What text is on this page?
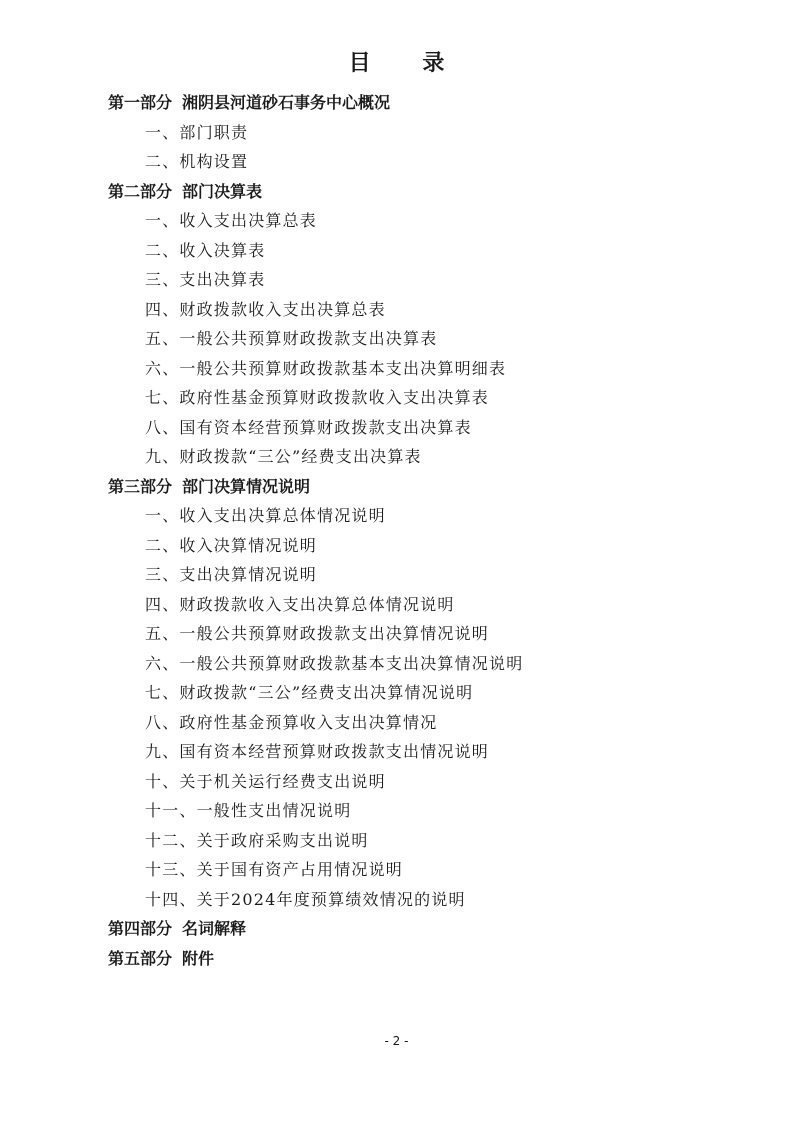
目 录
第一部分 湘阴县河道砂石事务中心概况
一、部门职责
二、机构设置
第二部分 部门决算表
一、收入支出决算总表
二、收入决算表
三、支出决算表
四、财政拨款收入支出决算总表
五、一般公共预算财政拨款支出决算表
六、一般公共预算财政拨款基本支出决算明细表
七、政府性基金预算财政拨款收入支出决算表
八、国有资本经营预算财政拨款支出决算表
九、财政拨款“三公”经费支出决算表
第三部分 部门决算情况说明
一、收入支出决算总体情况说明
二、收入决算情况说明
三、支出决算情况说明
四、财政拨款收入支出决算总体情况说明
五、一般公共预算财政拨款支出决算情况说明
六、一般公共预算财政拨款基本支出决算情况说明
七、财政拨款“三公”经费支出决算情况说明
八、政府性基金预算收入支出决算情况
九、国有资本经营预算财政拨款支出情况说明
十、关于机关运行经费支出说明
十一、一般性支出情况说明
十二、关于政府采购支出说明
十三、关于国有资产占用情况说明
十四、关于2024年度预算绩效情况的说明
第四部分 名词解释
第五部分 附件
- 2 -
